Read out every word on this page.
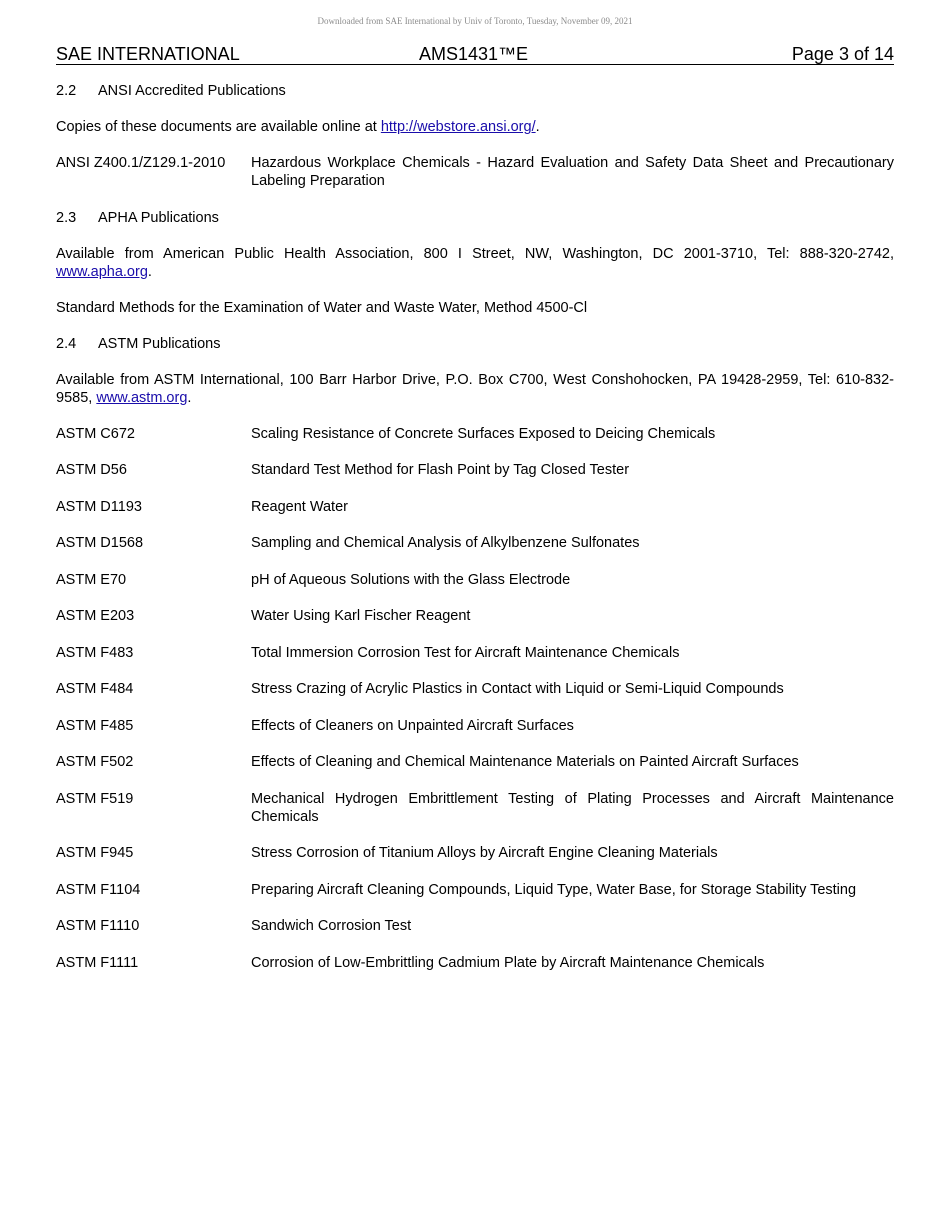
Downloaded from SAE International by Univ of Toronto, Tuesday, November 09, 2021
SAE INTERNATIONAL	AMS1431™E	Page 3 of 14
2.2 ANSI Accredited Publications
Copies of these documents are available online at http://webstore.ansi.org/.
ANSI Z400.1/Z129.1-2010	Hazardous Workplace Chemicals - Hazard Evaluation and Safety Data Sheet and Precautionary Labeling Preparation
2.3 APHA Publications
Available from American Public Health Association, 800 I Street, NW, Washington, DC 2001-3710, Tel: 888-320-2742, www.apha.org.
Standard Methods for the Examination of Water and Waste Water, Method 4500-Cl
2.4 ASTM Publications
Available from ASTM International, 100 Barr Harbor Drive, P.O. Box C700, West Conshohocken, PA 19428-2959, Tel: 610-832-9585, www.astm.org.
ASTM C672	Scaling Resistance of Concrete Surfaces Exposed to Deicing Chemicals
ASTM D56	Standard Test Method for Flash Point by Tag Closed Tester
ASTM D1193	Reagent Water
ASTM D1568	Sampling and Chemical Analysis of Alkylbenzene Sulfonates
ASTM E70	pH of Aqueous Solutions with the Glass Electrode
ASTM E203	Water Using Karl Fischer Reagent
ASTM F483	Total Immersion Corrosion Test for Aircraft Maintenance Chemicals
ASTM F484	Stress Crazing of Acrylic Plastics in Contact with Liquid or Semi-Liquid Compounds
ASTM F485	Effects of Cleaners on Unpainted Aircraft Surfaces
ASTM F502	Effects of Cleaning and Chemical Maintenance Materials on Painted Aircraft Surfaces
ASTM F519	Mechanical Hydrogen Embrittlement Testing of Plating Processes and Aircraft Maintenance Chemicals
ASTM F945	Stress Corrosion of Titanium Alloys by Aircraft Engine Cleaning Materials
ASTM F1104	Preparing Aircraft Cleaning Compounds, Liquid Type, Water Base, for Storage Stability Testing
ASTM F1110	Sandwich Corrosion Test
ASTM F1111	Corrosion of Low-Embrittling Cadmium Plate by Aircraft Maintenance Chemicals
